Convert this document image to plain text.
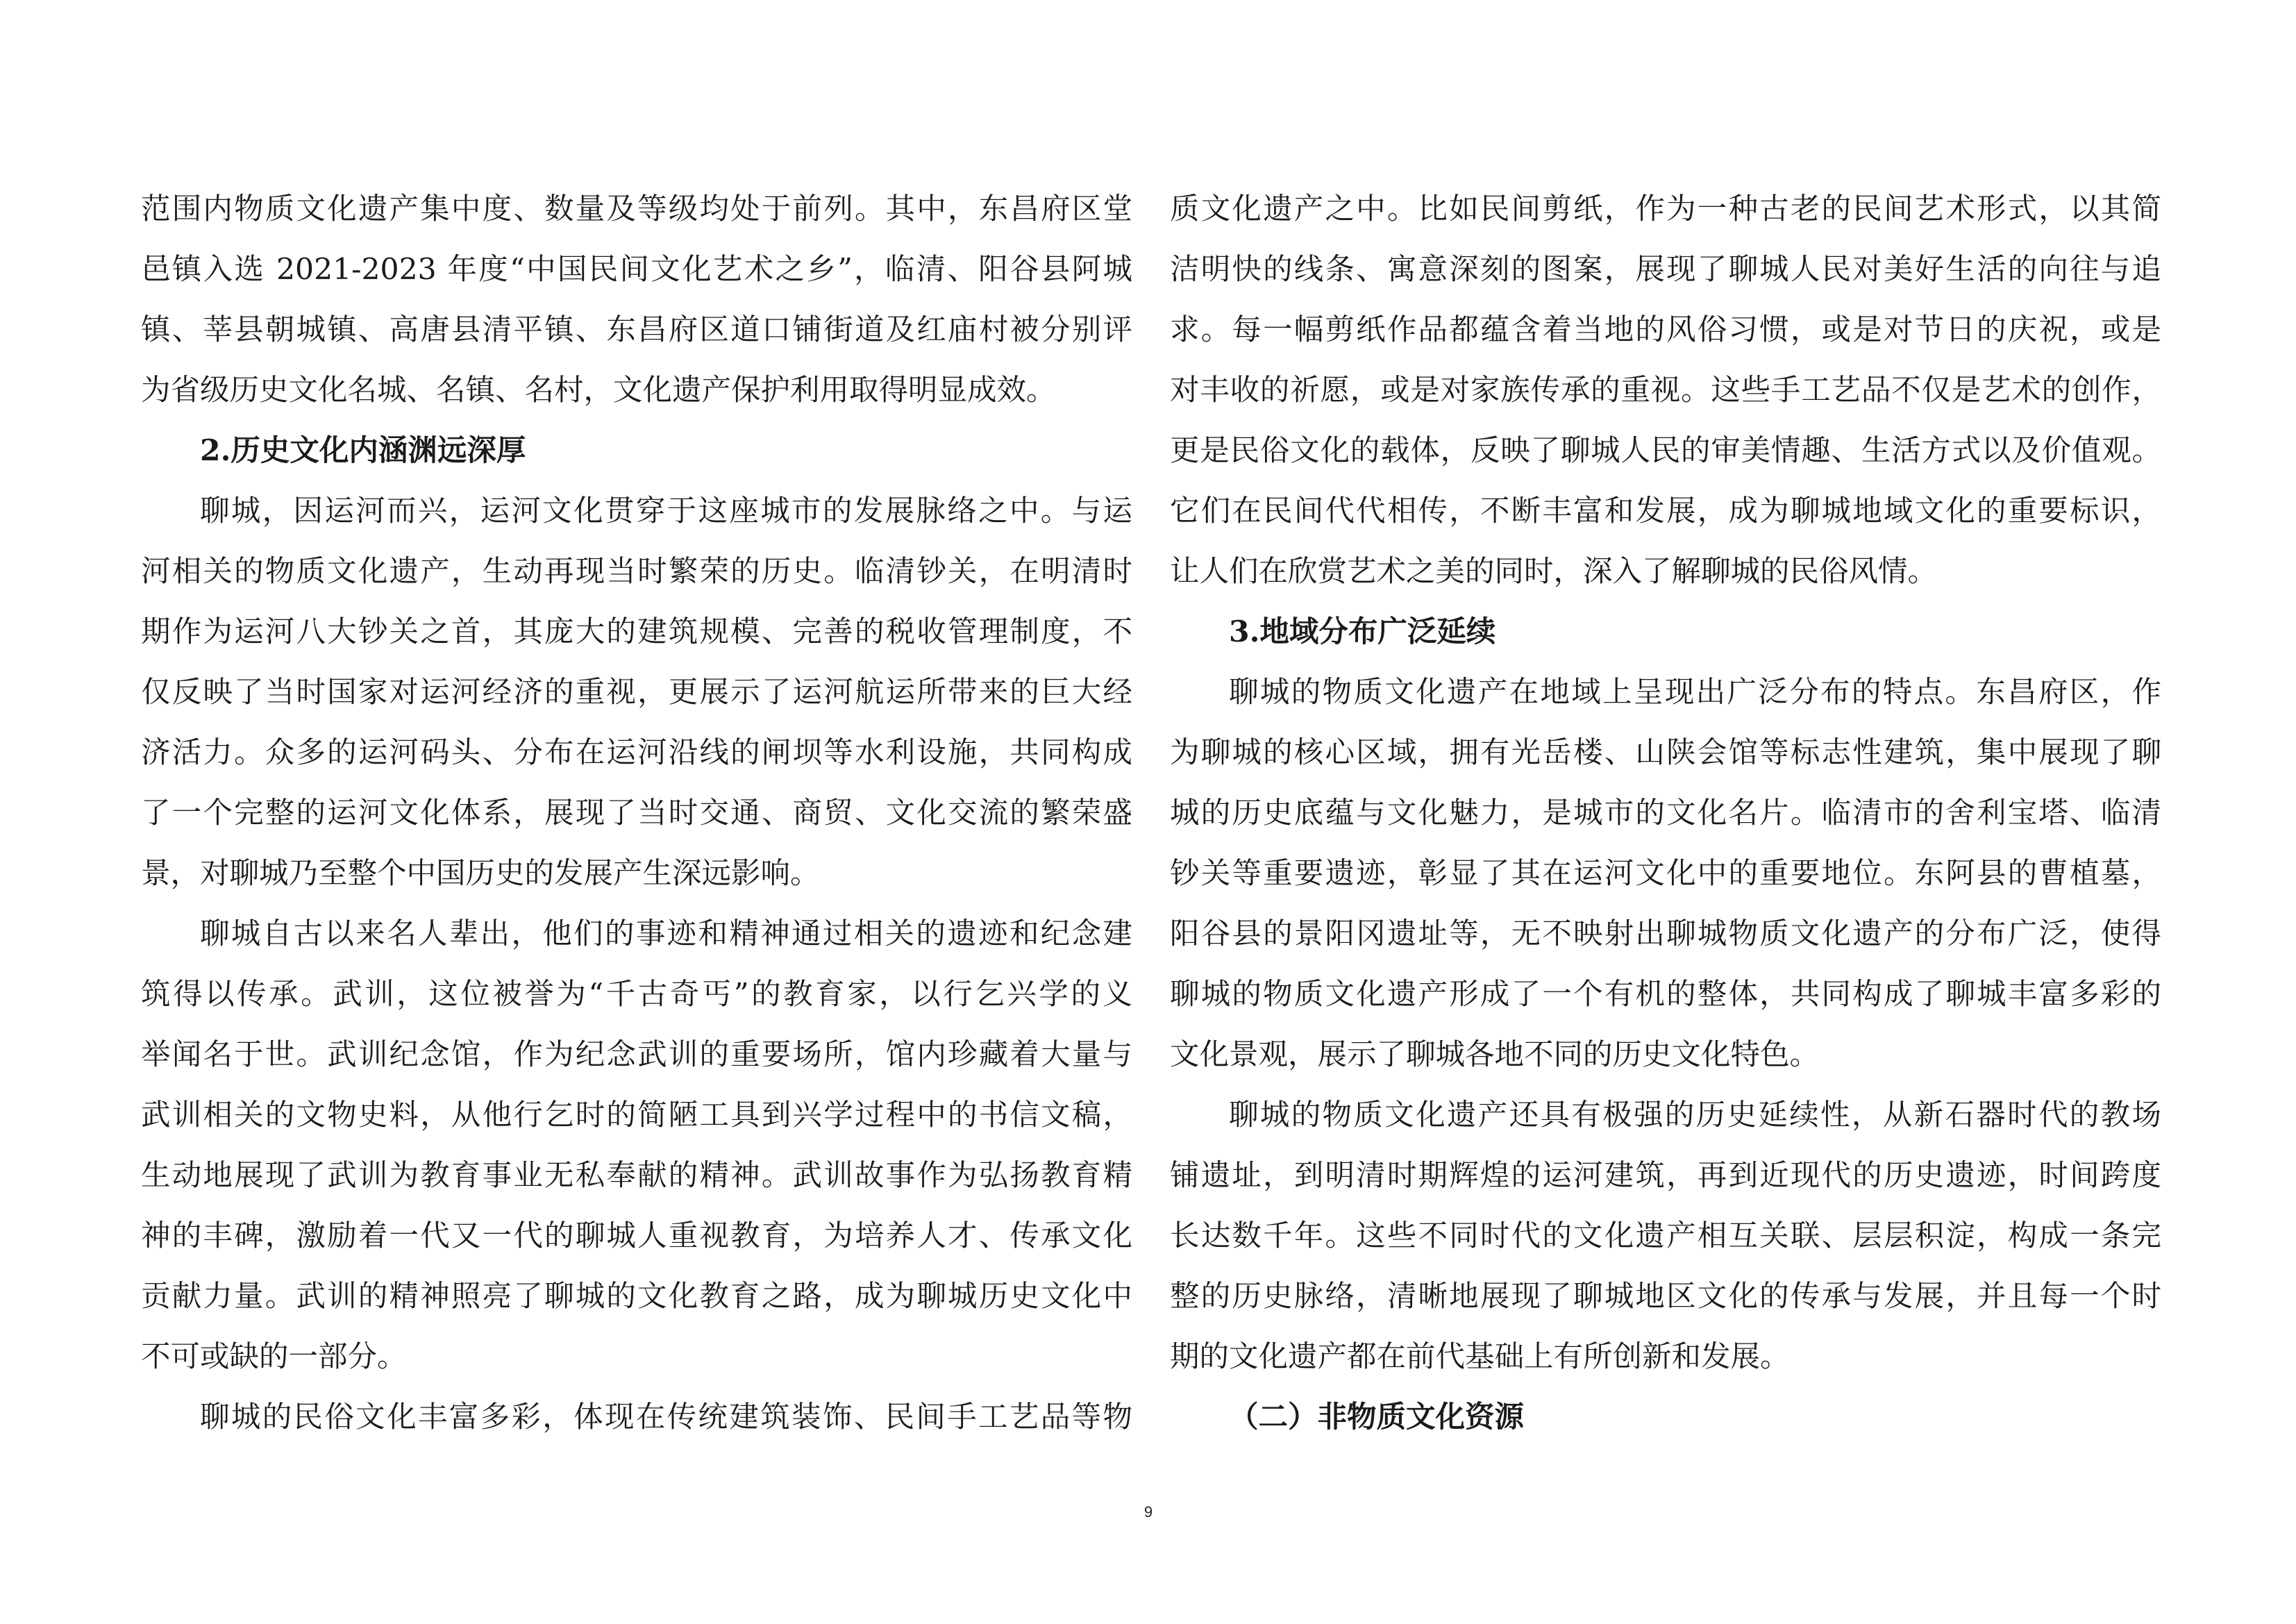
范围内物质文化遗产集中度、数量及等级均处于前列。其中，东昌府区堂
邑镇入选 2021-2023 年度“中国民间文化艺术之乡”，临清、阳谷县阿城
镇、莘县朝城镇、高唐县清平镇、东昌府区道口铺街道及红庙村被分别评
为省级历史文化名城、名镇、名村，文化遗产保护利用取得明显成效。
2.历史文化内涵渊远深厚
聊城，因运河而兴，运河文化贯穿于这座城市的发展脉络之中。与运
河相关的物质文化遗产，生动再现当时繁荣的历史。临清钞关，在明清时
期作为运河八大钞关之首，其庞大的建筑规模、完善的税收管理制度，不
仅反映了当时国家对运河经济的重视，更展示了运河航运所带来的巨大经
济活力。众多的运河码头、分布在运河沿线的闸坝等水利设施，共同构成
了一个完整的运河文化体系，展现了当时交通、商贸、文化交流的繁荣盛
景，对聊城乃至整个中国历史的发展产生深远影响。
聊城自古以来名人辈出，他们的事迹和精神通过相关的遗迹和纪念建
筑得以传承。武训，这位被誉为“千古奇丐”的教育家，以行乞兴学的义
举闻名于世。武训纪念馆，作为纪念武训的重要场所，馆内珍藏着大量与
武训相关的文物史料，从他行乞时的简陋工具到兴学过程中的书信文稿，
生动地展现了武训为教育事业无私奉献的精神。武训故事作为弘扬教育精
神的丰碑，激励着一代又一代的聊城人重视教育，为培养人才、传承文化
贡献力量。武训的精神照亮了聊城的文化教育之路，成为聊城历史文化中
不可或缺的一部分。
聊城的民俗文化丰富多彩，体现在传统建筑装饰、民间手工艺品等物
质文化遗产之中。比如民间剪纸，作为一种古老的民间艺术形式，以其简
洁明快的线条、寓意深刻的图案，展现了聊城人民对美好生活的向往与追
求。每一幅剪纸作品都蕴含着当地的风俗习惯，或是对节日的庆祝，或是
对丰收的祈愿，或是对家族传承的重视。这些手工艺品不仅是艺术的创作，
更是民俗文化的载体，反映了聊城人民的审美情趣、生活方式以及价值观。
它们在民间代代相传，不断丰富和发展，成为聊城地域文化的重要标识，
让人们在欣赏艺术之美的同时，深入了解聊城的民俗风情。
3.地域分布广泛延续
聊城的物质文化遗产在地域上呈现出广泛分布的特点。东昌府区，作
为聊城的核心区域，拥有光岳楼、山陕会馆等标志性建筑，集中展现了聊
城的历史底蕴与文化魅力，是城市的文化名片。临清市的舍利宝塔、临清
钞关等重要遗迹，彰显了其在运河文化中的重要地位。东阿县的曹植墓，
阳谷县的景阳冈遗址等，无不映射出聊城物质文化遗产的分布广泛，使得
聊城的物质文化遗产形成了一个有机的整体，共同构成了聊城丰富多彩的
文化景观，展示了聊城各地不同的历史文化特色。
聊城的物质文化遗产还具有极强的历史延续性，从新石器时代的教场
铺遗址，到明清时期辉煌的运河建筑，再到近现代的历史遗迹，时间跨度
长达数千年。这些不同时代的文化遗产相互关联、层层积淀，构成一条完
整的历史脉络，清晰地展现了聊城地区文化的传承与发展，并且每一个时
期的文化遗产都在前代基础上有所创新和发展。
（二）非物质文化资源
9
